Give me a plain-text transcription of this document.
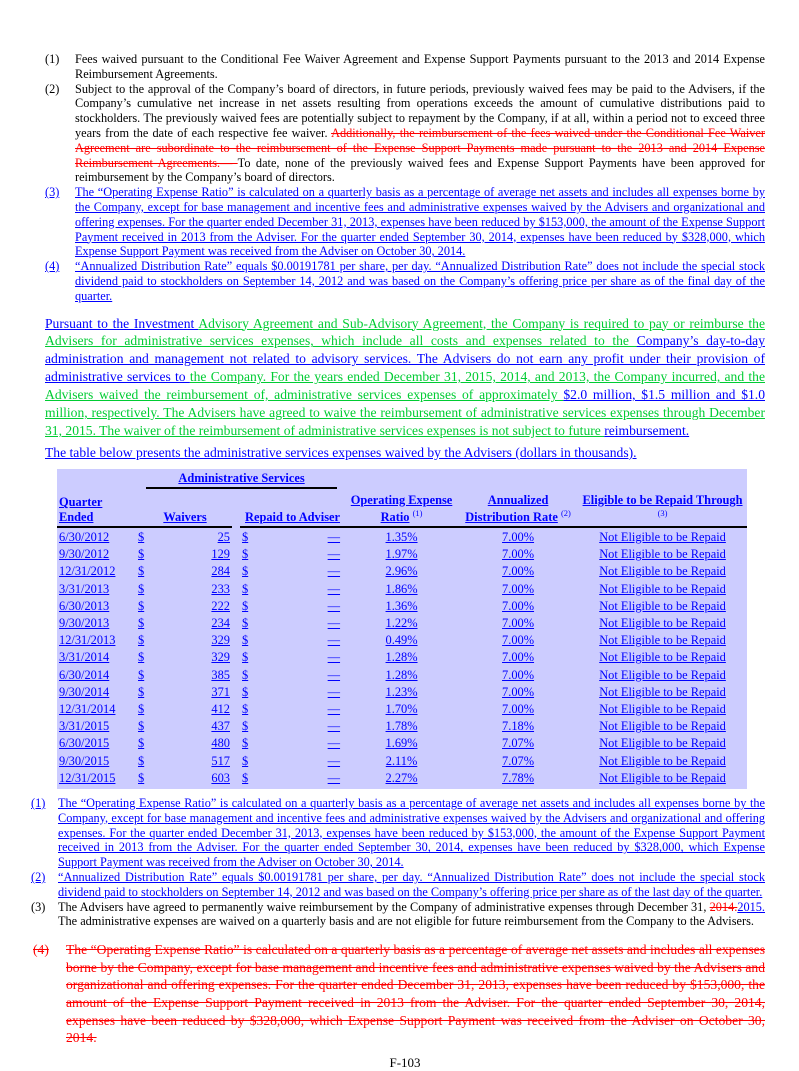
(1)	Fees waived pursuant to the Conditional Fee Waiver Agreement and Expense Support Payments pursuant to the 2013 and 2014 Expense Reimbursement Agreements.
(2)	Subject to the approval of the Company’s board of directors, in future periods, previously waived fees may be paid to the Advisers, if the Company’s cumulative net increase in net assets resulting from operations exceeds the amount of cumulative distributions paid to stockholders. The previously waived fees are potentially subject to repayment by the Company, if at all, within a period not to exceed three years from the date of each respective fee waiver. Additionally, the reimbursement of the fees waived under the Conditional Fee Waiver Agreement are subordinate to the reimbursement of the Expense Support Payments made pursuant to the 2013 and 2014 Expense Reimbursement Agreements.— To date, none of the previously waived fees and Expense Support Payments have been approved for reimbursement by the Company’s board of directors.
(3)	The “Operating Expense Ratio” is calculated on a quarterly basis as a percentage of average net assets and includes all expenses borne by the Company, except for base management and incentive fees and administrative expenses waived by the Advisers and organizational and offering expenses. For the quarter ended December 31, 2013, expenses have been reduced by $153,000, the amount of the Expense Support Payment received in 2013 from the Adviser. For the quarter ended September 30, 2014, expenses have been reduced by $328,000, which Expense Support Payment was received from the Adviser on October 30, 2014.
(4)	“Annualized Distribution Rate” equals $0.00191781 per share, per day. “Annualized Distribution Rate” does not include the special stock dividend paid to stockholders on September 14, 2012 and was based on the Company’s offering price per share as of the final day of the quarter.
Pursuant to the Investment Advisory Agreement and Sub-Advisory Agreement, the Company is required to pay or reimburse the Advisers for administrative services expenses, which include all costs and expenses related to the Company’s day-to-day administration and management not related to advisory services. The Advisers do not earn any profit under their provision of administrative services to the Company. For the years ended December 31, 2015, 2014, and 2013, the Company incurred, and the Advisers waived the reimbursement of, administrative services expenses of approximately $2.0 million, $1.5 million and $1.0 million, respectively. The Advisers have agreed to waive the reimbursement of administrative services expenses through December 31, 2015. The waiver of the reimbursement of administrative services expenses is not subject to future reimbursement.
The table below presents the administrative services expenses waived by the Advisers (dollars in thousands).

	Administrative Services						

Quarter Ended	Waivers		Repaid to Adviser		Operating Expense Ratio $^{(1)}$	Annualized Distribution Rate $^{(2)}$	Eligible to be Repaid Through $^{(3)}$

6/30/2012	$	25	$	—	1.35%	7.00%	Not Eligible to be Repaid
9/30/2012	$	129	$	—	1.97%	7.00%	Not Eligible to be Repaid
12/31/2012	$	284	$	—	2.96%	7.00%	Not Eligible to be Repaid
3/31/2013	$	233	$	—	1.86%	7.00%	Not Eligible to be Repaid
6/30/2013	$	222	$	—	1.36%	7.00%	Not Eligible to be Repaid
9/30/2013	$	234	$	—	1.22%	7.00%	Not Eligible to be Repaid
12/31/2013	$	329	$	—	0.49%	7.00%	Not Eligible to be Repaid
3/31/2014	$	329	$	—	1.28%	7.00%	Not Eligible to be Repaid
6/30/2014	$	385	$	—	1.28%	7.00%	Not Eligible to be Repaid
9/30/2014	$	371	$	—	1.23%	7.00%	Not Eligible to be Repaid
12/31/2014	$	412	$	—	1.70%	7.00%	Not Eligible to be Repaid
3/31/2015	$	437	$	—	1.78%	7.18%	Not Eligible to be Repaid
6/30/2015	$	480	$	—	1.69%	7.07%	Not Eligible to be Repaid
9/30/2015	$	517	$	—	2.11%	7.07%	Not Eligible to be Repaid
12/31/2015	$	603	$	—	2.27%	7.78%	Not Eligible to be Repaid
(1)	The “Operating Expense Ratio” is calculated on a quarterly basis as a percentage of average net assets and includes all expenses borne by the Company, except for base management and incentive fees and administrative expenses waived by the Advisers and organizational and offering expenses. For the quarter ended December 31, 2013, expenses have been reduced by $153,000, the amount of the Expense Support Payment received in 2013 from the Adviser. For the quarter ended September 30, 2014, expenses have been reduced by $328,000, which Expense Support Payment was received from the Adviser on October 30, 2014.
(2)	“Annualized Distribution Rate” equals $0.00191781 per share, per day. “Annualized Distribution Rate” does not include the special stock dividend paid to stockholders on September 14, 2012 and was based on the Company’s offering price per share as of the last day of the quarter.
(3)	The Advisers have agreed to permanently waive reimbursement by the Company of administrative expenses through December 31, 2014.2015. The administrative expenses are waived on a quarterly basis and are not eligible for future reimbursement from the Company to the Advisers.
(4)	The “Operating Expense Ratio” is calculated on a quarterly basis as a percentage of average net assets and includes all expenses borne by the Company, except for base management and incentive fees and administrative expenses waived by the Advisers and organizational and offering expenses. For the quarter ended December 31, 2013, expenses have been reduced by $153,000, the amount of the Expense Support Payment received in 2013 from the Adviser. For the quarter ended September 30, 2014, expenses have been reduced by $328,000, which Expense Support Payment was received from the Adviser on October 30, 2014.
F-103
